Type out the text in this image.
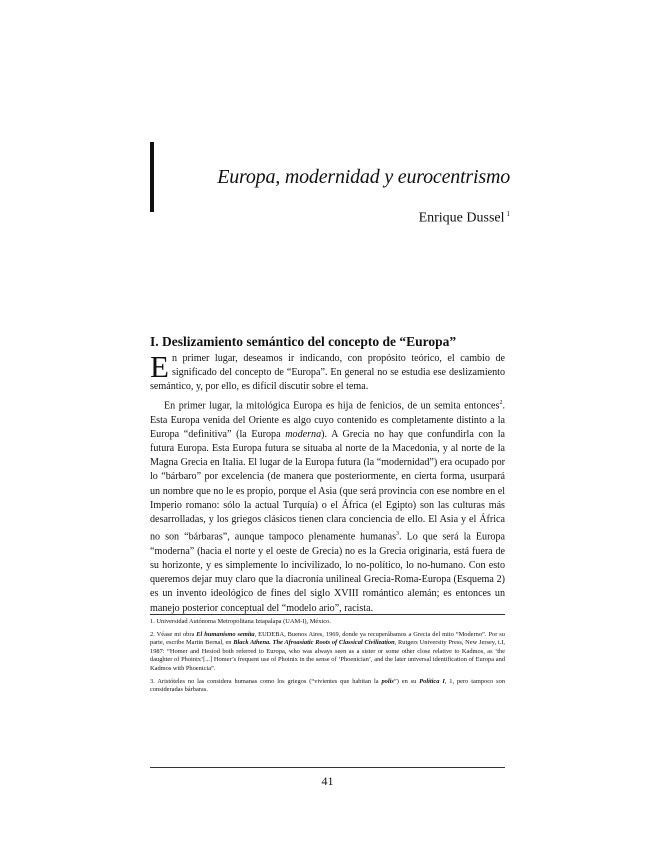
Europa, modernidad y eurocentrismo
Enrique Dussel $^1$
I. Deslizamiento semántico del concepto de “Europa”

En primer lugar, deseamos ir indicando, con propósito teórico, el cambio de significado del concepto de “Europa”. En general no se estudia ese deslizamiento semántico, y, por ello, es difícil discutir sobre el tema.

En primer lugar, la mitológica Europa es hija de fenicios, de un semita entonces$^2$. Esta Europa venida del Oriente es algo cuyo contenido es completamente distinto a la Europa “definitiva” (la Europa moderna). A Grecia no hay que confundirla con la futura Europa. Esta Europa futura se situaba al norte de la Macedonia, y al norte de la Magna Grecia en Italia. El lugar de la Europa futura (la “modernidad”) era ocupado por lo “bárbaro” por excelencia (de manera que posteriormente, en cierta forma, usurpará un nombre que no le es propio, porque el Asia (que será provincia con ese nombre en el Imperio romano: sólo la actual Turquía) o el África (el Egipto) son las culturas más desarrolladas, y los griegos clásicos tienen clara conciencia de ello. El Asia y el África no son “bárbaras”, aunque tampoco plenamente humanas$^3$. Lo que será la Europa “moderna” (hacia el norte y el oeste de Grecia) no es la Grecia originaria, está fuera de su horizonte, y es simplemente lo incivilizado, lo no-político, lo no-humano. Con esto queremos dejar muy claro que la diacronía unilineal Grecia-Roma-Europa (Esquema 2) es un invento ideológico de fines del siglo XVIII romántico alemán; es entonces un manejo posterior conceptual del “modelo ario”, racista.

1. Universidad Autónoma Metropolitana Iztapalapa (UAM-I), México.

2. Véase mi obra El humanismo semita, EUDEBA, Buenos Aires, 1969, donde ya recuperábamos a Grecia del mito “Moderno”. Por su parte, escribe Martin Bernal, en Black Athena. The Afroasiatic Roots of Classical Civilization, Rutgers University Press, New Jersey, t.I, 1987: “Homer and Hesiod both referred to Europa, who was always seen as a sister or some other close relative to Kadmos, as ‘the daughter of Phoinix’[...] Homer’s frequent use of Phoinix in the sense of ‘Phoenician’, and the later universal identification of Europa and Kadmos with Phoenicia”.

3. Aristóteles no las considera humanas como los griegos (“vivientes que habitan la polis”) en su Política I, 1, pero tampoco son consideradas bárbaras.

41
